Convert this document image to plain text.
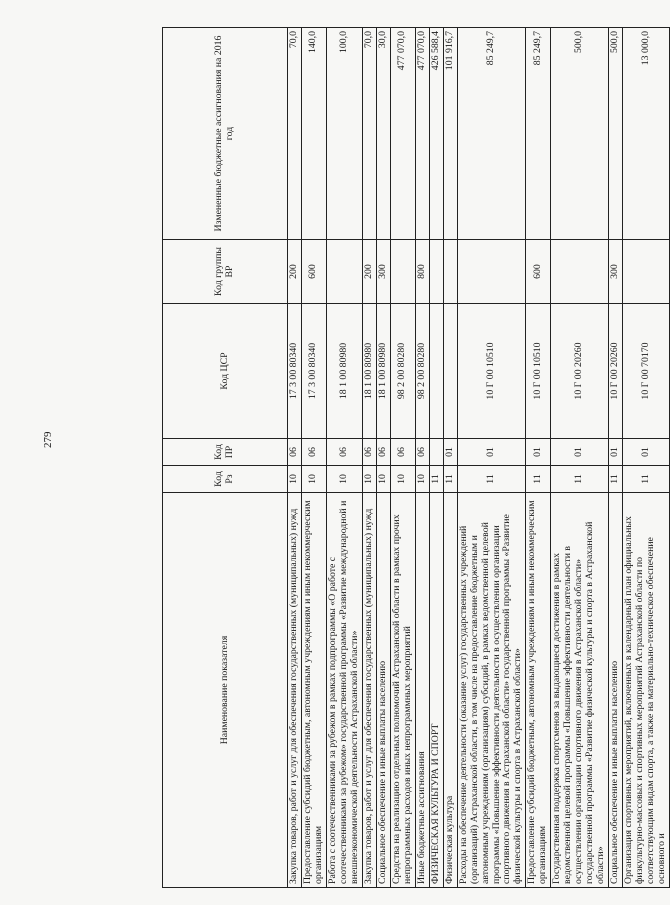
279
Наименование показателя	Код Рз	Код ПР	Код ЦСР	Код группы ВР	Измененные бюджетные ассигнования на 2016 год
Закупка товаров, работ и услуг для обеспечения государственных (муниципальных) нужд	10	06	17 3 00 80340	200	70,0
Предоставление субсидий бюджетным, автономным учреждениям и иным некоммерческим организациям	10	06	17 3 00 80340	600	140,0
Работа с соотечественниками за рубежом в рамках подпрограммы «О работе с соотечественниками за рубежом» государственной программы «Развитие международной и внешнеэкономической деятельности Астраханской области»	10	06	18 1 00 80980		100,0
Закупка товаров, работ и услуг для обеспечения государственных (муниципальных) нужд	10	06	18 1 00 80980	200	70,0
Социальное обеспечение и иные выплаты населению	10	06	18 1 00 80980	300	30,0
Средства на реализацию отдельных полномочий Астраханской области в рамках прочих непрограммных расходов иных непрограммных мероприятий	10	06	98 2 00 80280		477 070,0
Иные бюджетные ассигнования	10	06	98 2 00 80280	800	477 070,0
ФИЗИЧЕСКАЯ КУЛЬТУРА И СПОРТ	11				426 588,4
Физическая культура	11	01			101 916,7
Расходы на обеспечение деятельности (оказание услуг) государственных учреждений (организаций) Астраханской области, в том числе на предоставление бюджетным и автономным учреждениям (организациям) субсидий, в рамках ведомственной целевой программы «Повышение эффективности деятельности в осуществлении организации спортивного движения в Астраханской области» государственной программы «Развитие физической культуры и спорта в Астраханской области»	11	01	10 Г 00 10510		85 249,7
Предоставление субсидий бюджетным, автономным учреждениям и иным некоммерческим организациям	11	01	10 Г 00 10510	600	85 249,7
Государственная поддержка спортсменов за выдающиеся достижения в рамках ведомственной целевой программы «Повышение эффективности деятельности в осуществлении организации спортивного движения в Астраханской области» государственной программы «Развитие физической культуры и спорта в Астраханской области»	11	01	10 Г 00 20260		500,0
Социальное обеспечение и иные выплаты населению	11	01	10 Г 00 20260	300	500,0
Организация спортивных мероприятий, включенных в календарный план официальных физкультурно-массовых и спортивных мероприятий Астраханской области по соответствующим видам спорта, а также на материально-техническое обеспечение основного и	11	01	10 Г 00 70170		13 000,0
